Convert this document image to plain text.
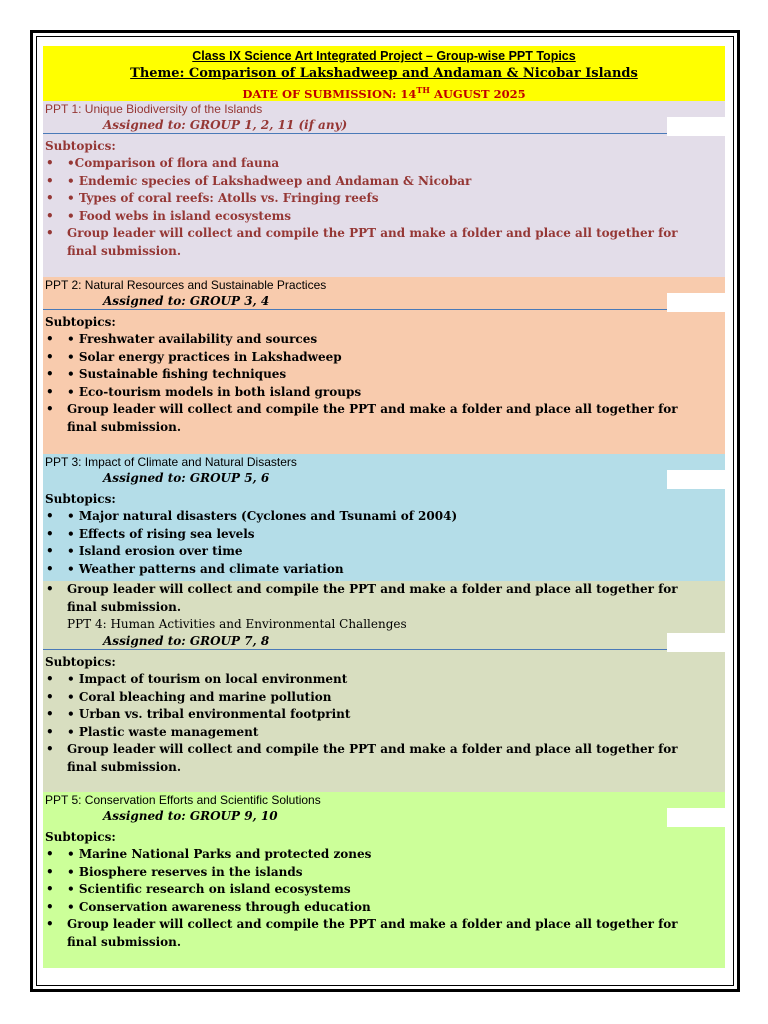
Class IX Science Art Integrated Project – Group-wise PPT Topics
Theme: Comparison of Lakshadweep and Andaman & Nicobar Islands
DATE OF SUBMISSION: 14TH AUGUST 2025
PPT 1: Unique Biodiversity of the Islands
Assigned to: GROUP 1, 2, 11 (if any)
Subtopics:
• •Comparison of flora and fauna
• • Endemic species of Lakshadweep and Andaman & Nicobar
• • Types of coral reefs: Atolls vs. Fringing reefs
• • Food webs in island ecosystems
• Group leader will collect and compile the PPT and make a folder and place all together for final submission.
PPT 2: Natural Resources and Sustainable Practices
Assigned to: GROUP 3, 4
Subtopics:
• • Freshwater availability and sources
• • Solar energy practices in Lakshadweep
• • Sustainable fishing techniques
• • Eco-tourism models in both island groups
• Group leader will collect and compile the PPT and make a folder and place all together for final submission.
PPT 3: Impact of Climate and Natural Disasters
Assigned to: GROUP 5, 6
Subtopics:
• • Major natural disasters (Cyclones and Tsunami of 2004)
• • Effects of rising sea levels
• • Island erosion over time
• • Weather patterns and climate variation
• Group leader will collect and compile the PPT and make a folder and place all together for final submission.
PPT 4: Human Activities and Environmental Challenges
Assigned to: GROUP 7, 8
Subtopics:
• • Impact of tourism on local environment
• • Coral bleaching and marine pollution
• • Urban vs. tribal environmental footprint
• • Plastic waste management
• Group leader will collect and compile the PPT and make a folder and place all together for final submission.
PPT 5: Conservation Efforts and Scientific Solutions
Assigned to: GROUP 9, 10
Subtopics:
• • Marine National Parks and protected zones
• • Biosphere reserves in the islands
• • Scientific research on island ecosystems
• • Conservation awareness through education
• Group leader will collect and compile the PPT and make a folder and place all together for final submission.
